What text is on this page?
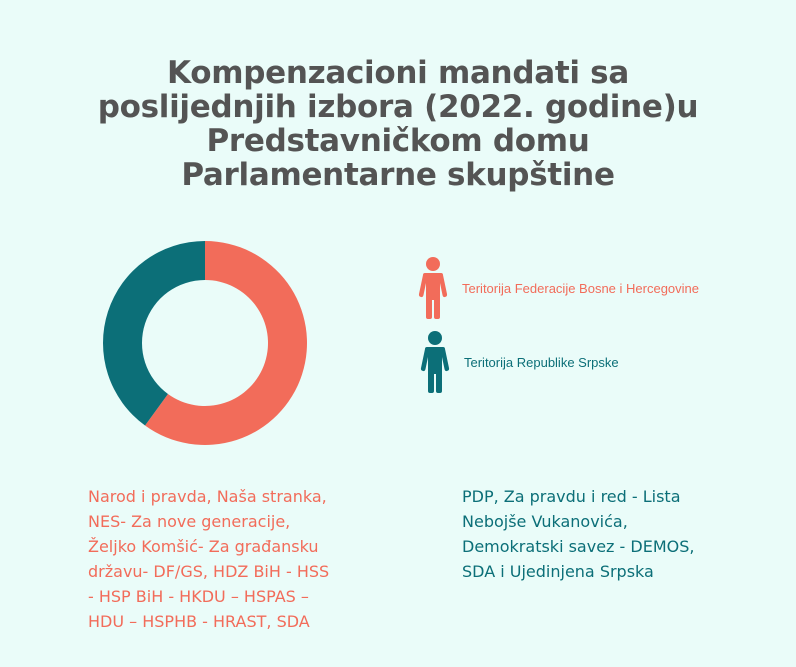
Kompenzacioni mandati sa
poslijednjih izbora (2022. godine)u
Predstavničkom domu
Parlamentarne skupštine
Teritorija Federacije Bosne i Hercegovine
Teritorija Republike Srpske
Narod i pravda, Naša stranka,
NES- Za nove generacije,
Željko Komšić- Za građansku
državu- DF/GS, HDZ BiH - HSS
- HSP BiH - HKDU – HSPAS –
HDU – HSPHB - HRAST, SDA
PDP, Za pravdu i red - Lista
Nebojše Vukanovića,
Demokratski savez - DEMOS,
SDA i Ujedinjena Srpska
